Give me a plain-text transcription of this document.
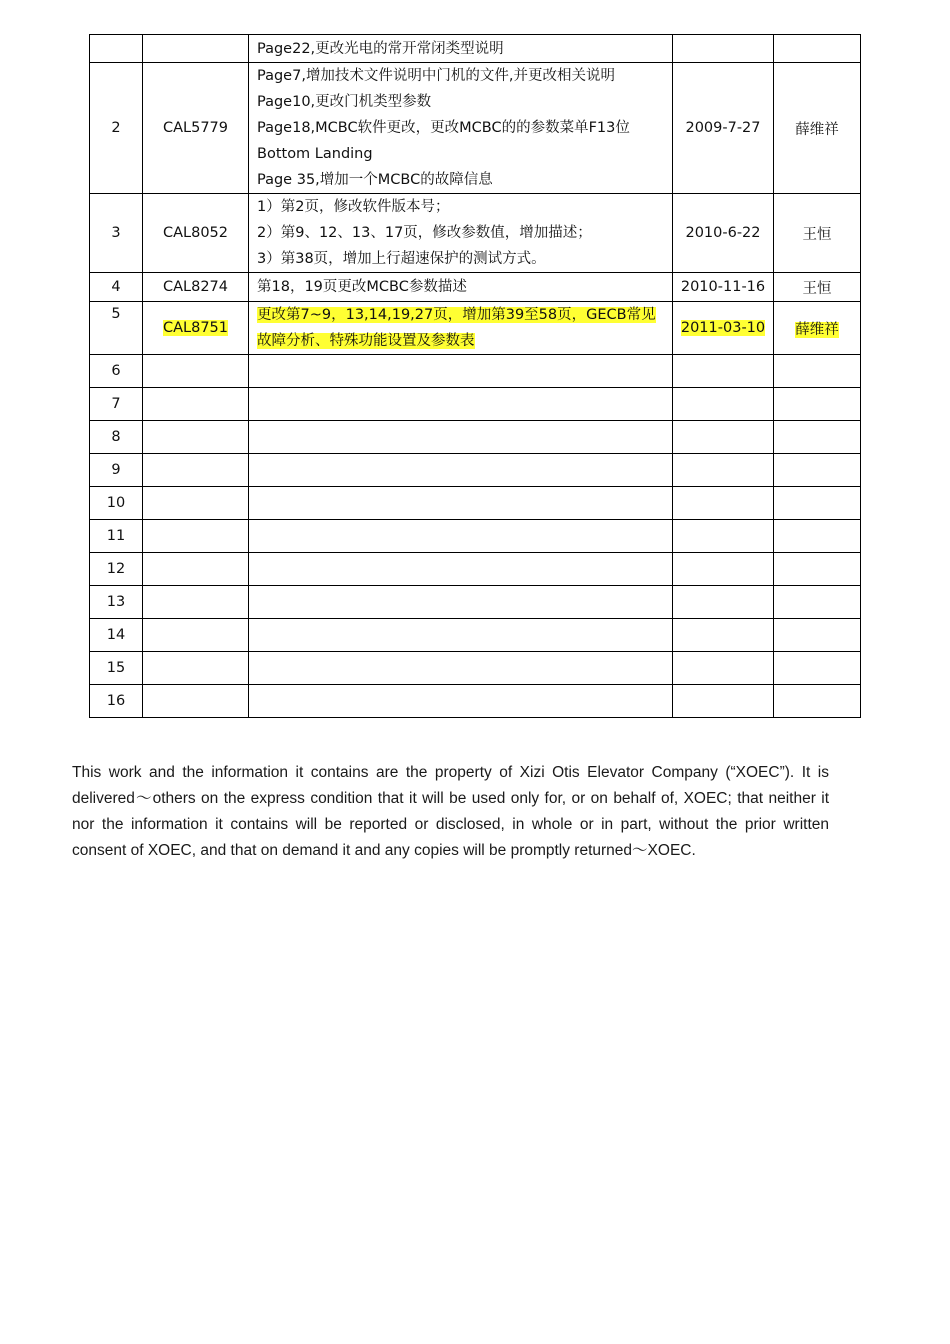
		Page22,更改光电的常开常闭类型说明		

2	CAL5779	Page7,增加技术文件说明中门机的文件,并更改相关说明
Page10,更改门机类型参数
Page18,MCBC软件更改，更改MCBC的的参数菜单F13位
Bottom Landing
Page 35,增加一个MCBC的故障信息	2009-7-27	薛维祥
3	CAL8052	1）第2页，修改软件版本号；
2）第9、12、13、17页，修改参数值，增加描述；
3）第38页，增加上行超速保护的测试方式。	2010-6-22	王恒
4	CAL8274	第18，19页更改MCBC参数描述	2010-11-16	王恒
5	CAL8751	更改第7~9，13,14,19,27页，增加第39至58页，GECB常见
故障分析、特殊功能设置及参数表	2011-03-10	薛维祥
6				
7				
8				
9				
10				
11				
12				
13				
14				
15				
16				

This work and the information it contains are the property of Xizi Otis Elevator Company (“XOEC”). It is delivered～others on the express condition that it will be used only for, or on behalf of, XOEC; that neither it nor the information it contains will be reported or disclosed, in whole or in part, without the prior written consent of XOEC, and that on demand it and any copies will be promptly returned～XOEC.
